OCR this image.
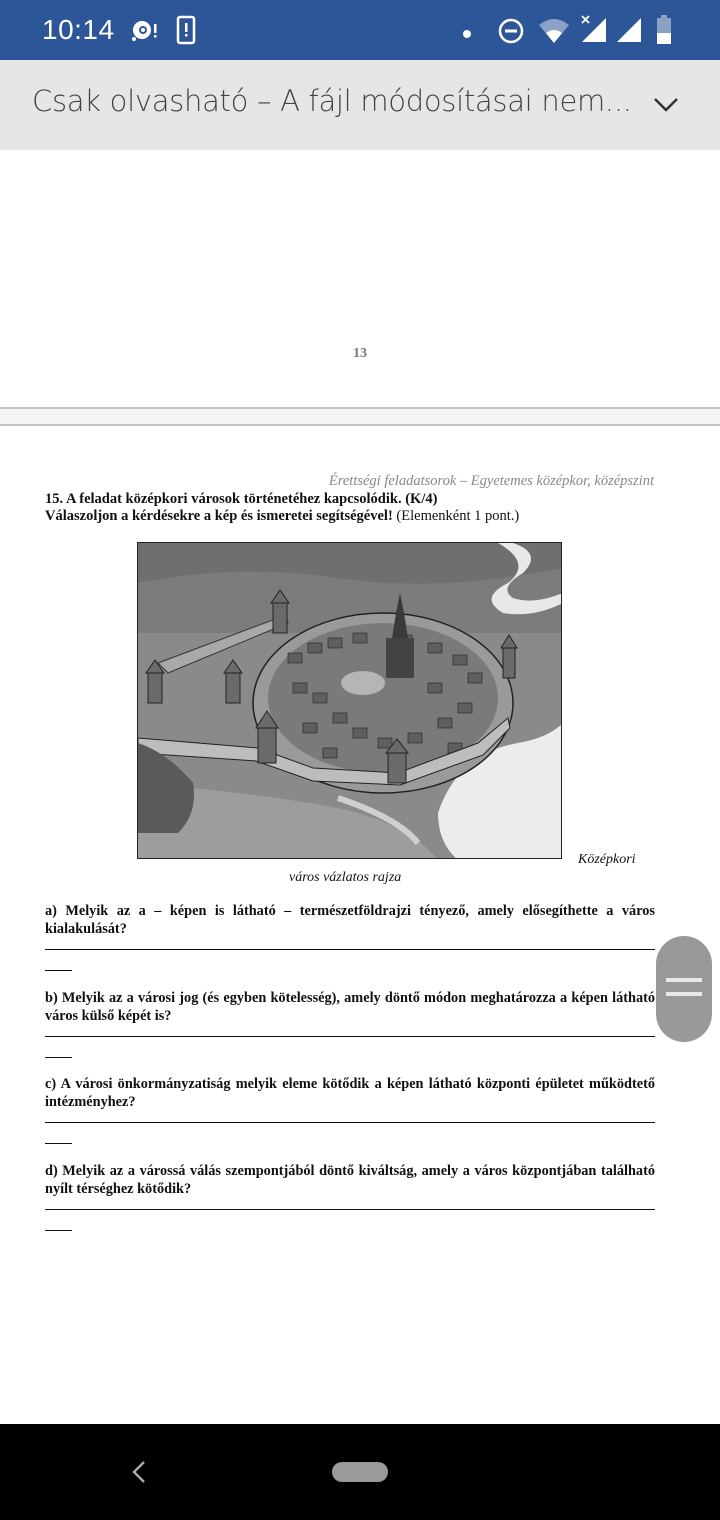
10:14
Csak olvasható – A fájl módosításai nem...
13
Érettségi feladatsorok – Egyetemes középkor, középszint
15. A feladat középkori városok történetéhez kapcsolódik. (K/4)
Válaszoljon a kérdésekre a kép és ismeretei segítségével! (Elemenként 1 pont.)
Középkori
város vázlatos rajza
a) Melyik az a – képen is látható – természetföldrajzi tényező, amely elősegíthette a város kialakulását?
b) Melyik az a városi jog (és egyben kötelesség), amely döntő módon meghatározza a képen látható város külső képét is?
c) A városi önkormányzatiság melyik eleme kötődik a képen látható központi épületet működtető intézményhez?
d) Melyik az a várossá válás szempontjából döntő kiváltság, amely a város központjában található nyílt térséghez kötődik?
